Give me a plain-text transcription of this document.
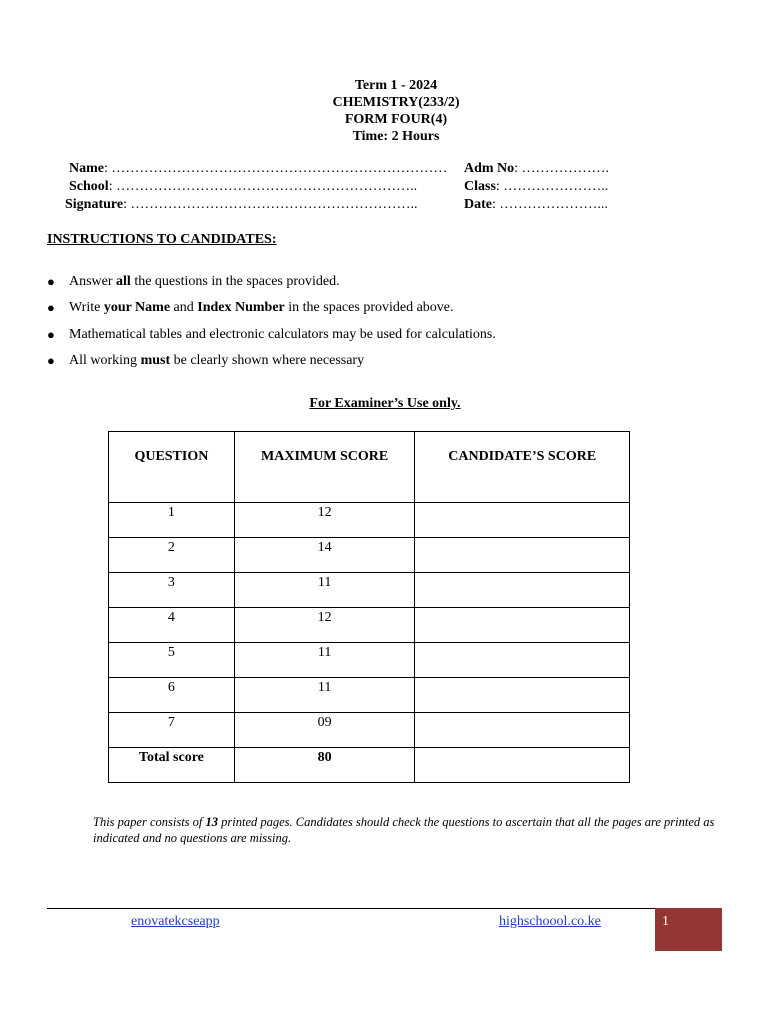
Term 1 - 2024
CHEMISTRY(233/2)
FORM FOUR(4)
Time: 2 Hours
Name: ……………………………………………………………… Adm No: ……………….
School: ………………………………………………………..	Class: …………………..
Signature: ……………………………………………………..	Date: …………………...
INSTRUCTIONS TO CANDIDATES:
● Answer all the questions in the spaces provided.
● Write your Name and Index Number in the spaces provided above.
● Mathematical tables and electronic calculators may be used for calculations.
● All working must be clearly shown where necessary
For Examiner’s Use only.
QUESTION	MAXIMUM SCORE	CANDIDATE’S SCORE
1	12	
2	14	
3	11	
4	12	
5	11	
6	11	
7	09	
Total score	80	
This paper consists of 13 printed pages. Candidates should check the questions to ascertain that all the pages are printed as indicated and no questions are missing.
enovatekcseapp	highschoool.co.ke	1
